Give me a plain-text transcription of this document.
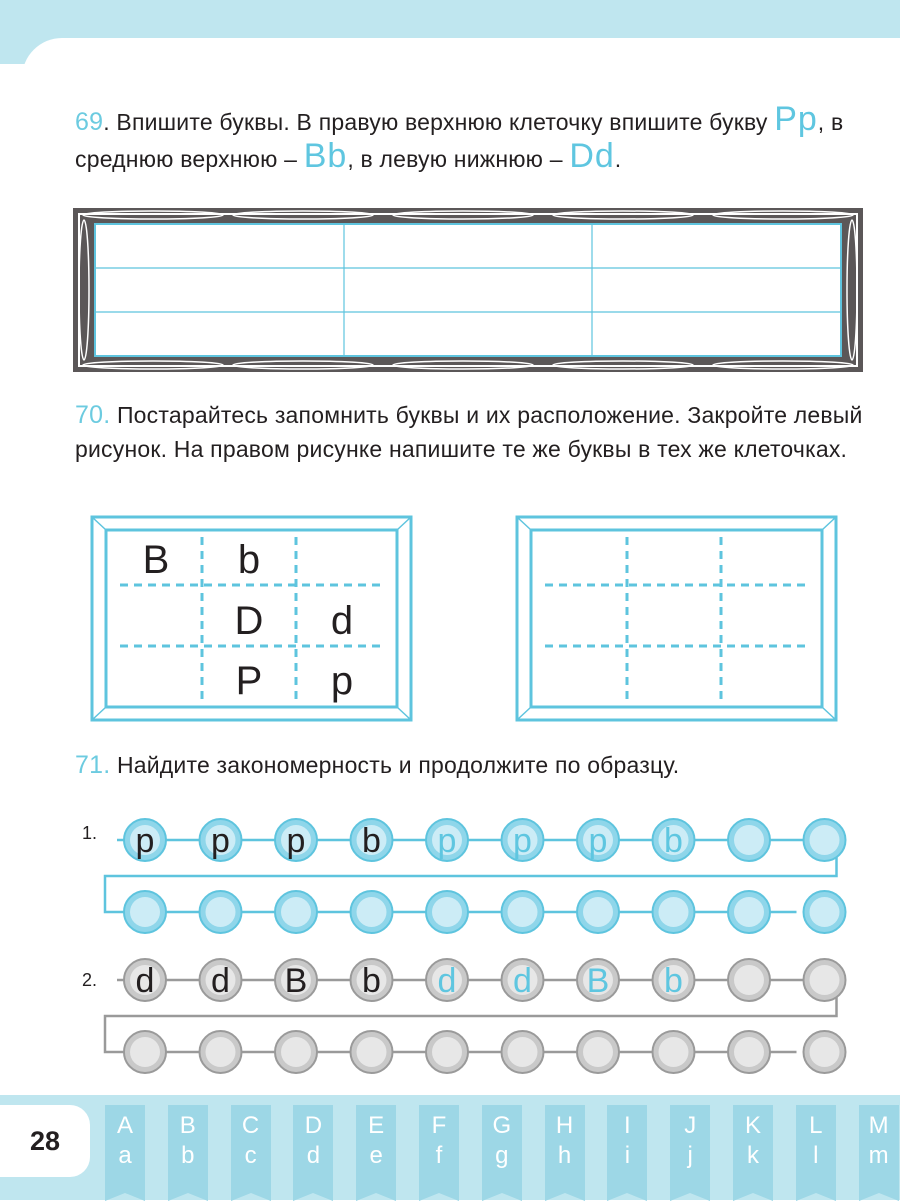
69. Впишите буквы. В правую верхнюю клеточку впишите букву Pp, в среднюю верхнюю – Bb, в левую нижнюю – Dd.
70. Постарайтесь запомнить буквы и их расположение. Закройте левый рисунок. На правом рисунке напишите те же буквы в тех же клеточках.
B b
D d
P p
71. Найдите закономерность и продолжите по образцу.
1. p p p b p p p b
d d B b d d B b
2.
28	A
a
B
b
C
c
D
d
E
e
F
f
G
g
H
h
I
i
J
j
K
k
L
l
M
m
